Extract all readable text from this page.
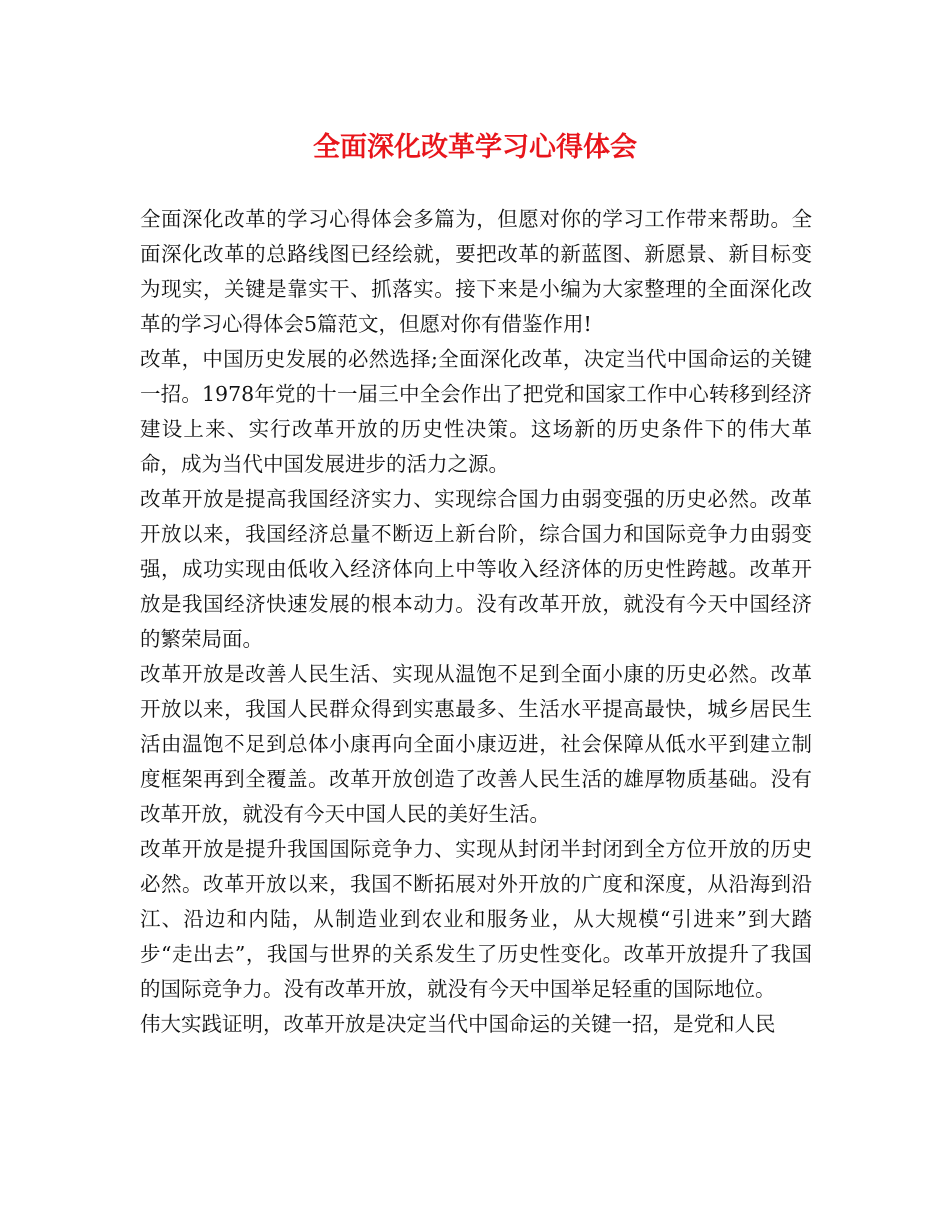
全面深化改革学习心得体会

全面深化改革的学习心得体会多篇为，但愿对你的学习工作带来帮助。全面深化改革的总路线图已经绘就，要把改革的新蓝图、新愿景、新目标变为现实，关键是靠实干、抓落实。接下来是小编为大家整理的全面深化改革的学习心得体会5篇范文，但愿对你有借鉴作用!

改革，中国历史发展的必然选择;全面深化改革，决定当代中国命运的关键一招。1978年党的十一届三中全会作出了把党和国家工作中心转移到经济建设上来、实行改革开放的历史性决策。这场新的历史条件下的伟大革命，成为当代中国发展进步的活力之源。

改革开放是提高我国经济实力、实现综合国力由弱变强的历史必然。改革开放以来，我国经济总量不断迈上新台阶，综合国力和国际竞争力由弱变强，成功实现由低收入经济体向上中等收入经济体的历史性跨越。改革开放是我国经济快速发展的根本动力。没有改革开放，就没有今天中国经济的繁荣局面。

改革开放是改善人民生活、实现从温饱不足到全面小康的历史必然。改革开放以来，我国人民群众得到实惠最多、生活水平提高最快，城乡居民生活由温饱不足到总体小康再向全面小康迈进，社会保障从低水平到建立制度框架再到全覆盖。改革开放创造了改善人民生活的雄厚物质基础。没有改革开放，就没有今天中国人民的美好生活。

改革开放是提升我国国际竞争力、实现从封闭半封闭到全方位开放的历史必然。改革开放以来，我国不断拓展对外开放的广度和深度，从沿海到沿江、沿边和内陆，从制造业到农业和服务业，从大规模“引进来”到大踏步“走出去”，我国与世界的关系发生了历史性变化。改革开放提升了我国的国际竞争力。没有改革开放，就没有今天中国举足轻重的国际地位。

伟大实践证明，改革开放是决定当代中国命运的关键一招，是党和人民
